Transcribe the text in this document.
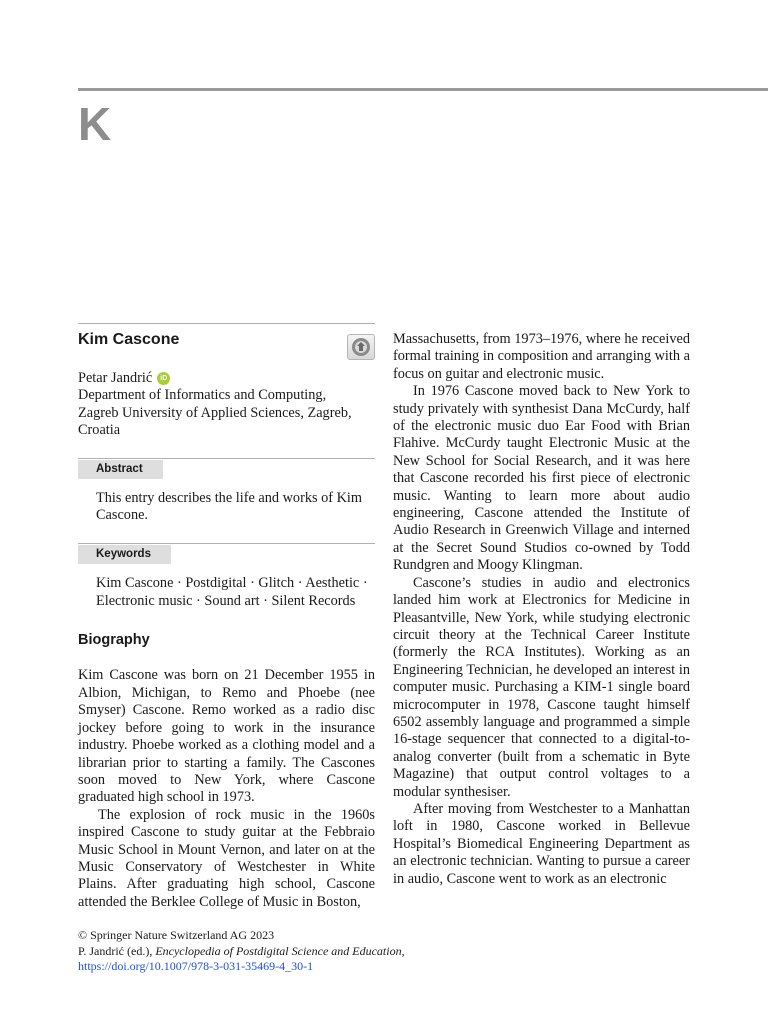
K
Kim Cascone
Petar Jandrić	iD
Department of Informatics and Computing,
Zagreb University of Applied Sciences, Zagreb,
Croatia
Abstract
This entry describes the life and works of Kim Cascone.
Keywords
Kim Cascone · Postdigital · Glitch · Aesthetic · Electronic music · Sound art · Silent Records
Biography

Kim Cascone was born on 21 December 1955 in Albion, Michigan, to Remo and Phoebe (nee Smyser) Cascone. Remo worked as a radio disc jockey before going to work in the insurance industry. Phoebe worked as a clothing model and a librarian prior to starting a family. The Cascones soon moved to New York, where Cascone graduated high school in 1973.

The explosion of rock music in the 1960s inspired Cascone to study guitar at the Febbraio Music School in Mount Vernon, and later on at the Music Conservatory of Westchester in White Plains. After graduating high school, Cascone attended the Berklee College of Music in Boston,

Massachusetts, from 1973–1976, where he received formal training in composition and arranging with a focus on guitar and electronic music.

In 1976 Cascone moved back to New York to study privately with synthesist Dana McCurdy, half of the electronic music duo Ear Food with Brian Flahive. McCurdy taught Electronic Music at the New School for Social Research, and it was here that Cascone recorded his first piece of electronic music. Wanting to learn more about audio engineering, Cascone attended the Institute of Audio Research in Greenwich Village and interned at the Secret Sound Studios co-owned by Todd Rundgren and Moogy Klingman.

Cascone’s studies in audio and electronics landed him work at Electronics for Medicine in Pleasantville, New York, while studying electronic circuit theory at the Technical Career Institute (formerly the RCA Institutes). Working as an Engineering Technician, he developed an interest in computer music. Purchasing a KIM-1 single board microcomputer in 1978, Cascone taught himself 6502 assembly language and programmed a simple 16-stage sequencer that connected to a digital-to-analog converter (built from a schematic in Byte Magazine) that output control voltages to a modular synthesiser.

After moving from Westchester to a Manhattan loft in 1980, Cascone worked in Bellevue Hospital’s Biomedical Engineering Department as an electronic technician. Wanting to pursue a career in audio, Cascone went to work as an electronic

© Springer Nature Switzerland AG 2023
P. Jandrić (ed.), Encyclopedia of Postdigital Science and Education,
https://doi.org/10.1007/978-3-031-35469-4_30-1
